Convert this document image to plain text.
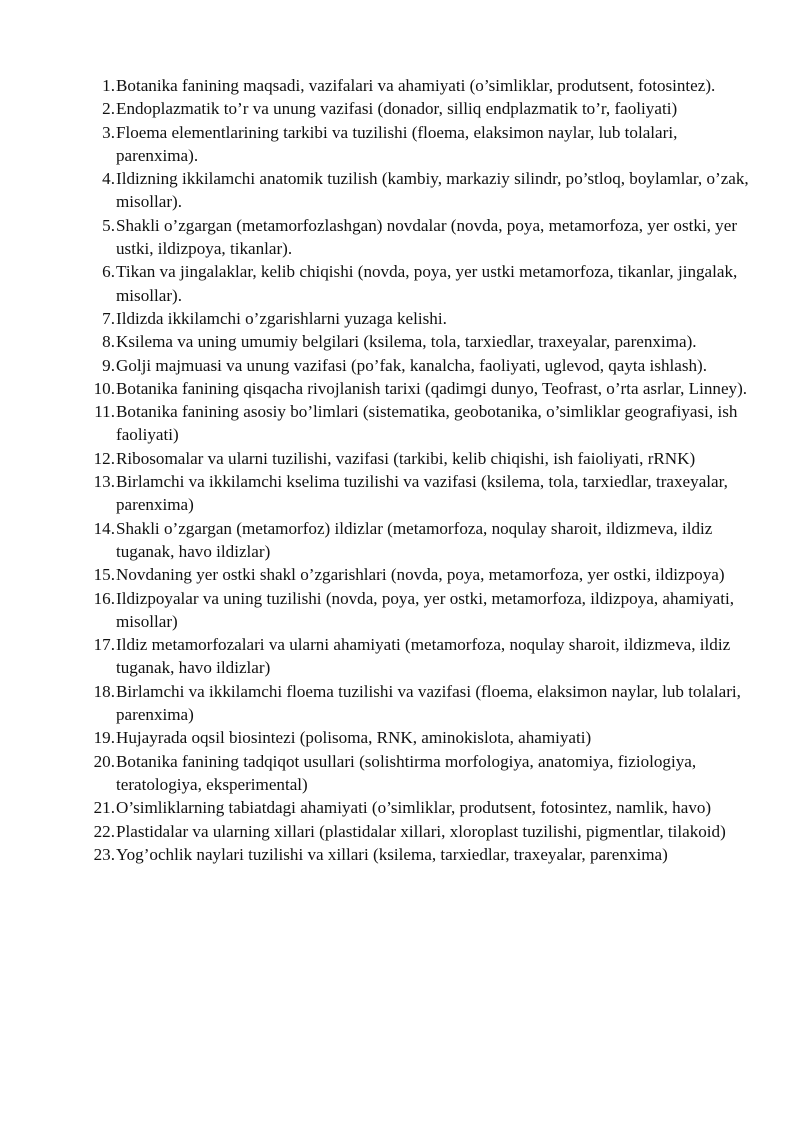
1. Botanika fanining maqsadi, vazifalari va ahamiyati (o’simliklar, produtsent, fotosintez).
2. Endoplazmatik to’r va unung vazifasi (donador, silliq endplazmatik to’r, faoliyati)
3. Floema elementlarining tarkibi va tuzilishi (floema, elaksimon naylar, lub tolalari, parenxima).
4. Ildizning ikkilamchi anatomik tuzilish (kambiy, markaziy silindr, po’stloq, boylamlar, o’zak, misollar).
5. Shakli o’zgargan (metamorfozlashgan) novdalar (novda, poya, metamorfoza, yer ostki, yer ustki, ildizpoya, tikanlar).
6. Tikan va jingalaklar, kelib chiqishi (novda, poya, yer ustki metamorfoza, tikanlar, jingalak, misollar).
7. Ildizda ikkilamchi o’zgarishlarni yuzaga kelishi.
8. Ksilema va uning umumiy belgilari (ksilema, tola, tarxiedlar, traxeyalar, parenxima).
9. Golji majmuasi va unung vazifasi (po’fak, kanalcha, faoliyati, uglevod, qayta ishlash).
10. Botanika fanining qisqacha rivojlanish tarixi (qadimgi dunyo, Teofrast, o’rta asrlar, Linney).
11. Botanika fanining asosiy bo’limlari (sistematika, geobotanika, o’simliklar geografiyasi, ish faoliyati)
12. Ribosomalar va ularni tuzilishi, vazifasi (tarkibi, kelib chiqishi, ish faioliyati, rRNK)
13. Birlamchi va ikkilamchi kselima tuzilishi va vazifasi (ksilema, tola, tarxiedlar, traxeyalar, parenxima)
14. Shakli o’zgargan (metamorfoz) ildizlar (metamorfoza, noqulay sharoit, ildizmeva, ildiz tuganak, havo ildizlar)
15. Novdaning yer ostki shakl o’zgarishlari (novda, poya, metamorfoza, yer ostki, ildizpoya)
16. Ildizpoyalar va uning tuzilishi (novda, poya, yer ostki, metamorfoza, ildizpoya, ahamiyati, misollar)
17. Ildiz metamorfozalari va ularni ahamiyati (metamorfoza, noqulay sharoit, ildizmeva, ildiz tuganak, havo ildizlar)
18. Birlamchi va ikkilamchi floema tuzilishi va vazifasi (floema, elaksimon naylar, lub tolalari, parenxima)
19. Hujayrada oqsil biosintezi (polisoma, RNK, aminokislota, ahamiyati)
20. Botanika fanining tadqiqot usullari (solishtirma morfologiya, anatomiya, fiziologiya, teratologiya, eksperimental)
21. O’simliklarning tabiatdagi ahamiyati (o’simliklar, produtsent, fotosintez, namlik, havo)
22. Plastidalar va ularning xillari (plastidalar xillari, xloroplast tuzilishi, pigmentlar, tilakoid)
23. Yog’ochlik naylari tuzilishi va xillari (ksilema, tarxiedlar, traxeyalar, parenxima)
